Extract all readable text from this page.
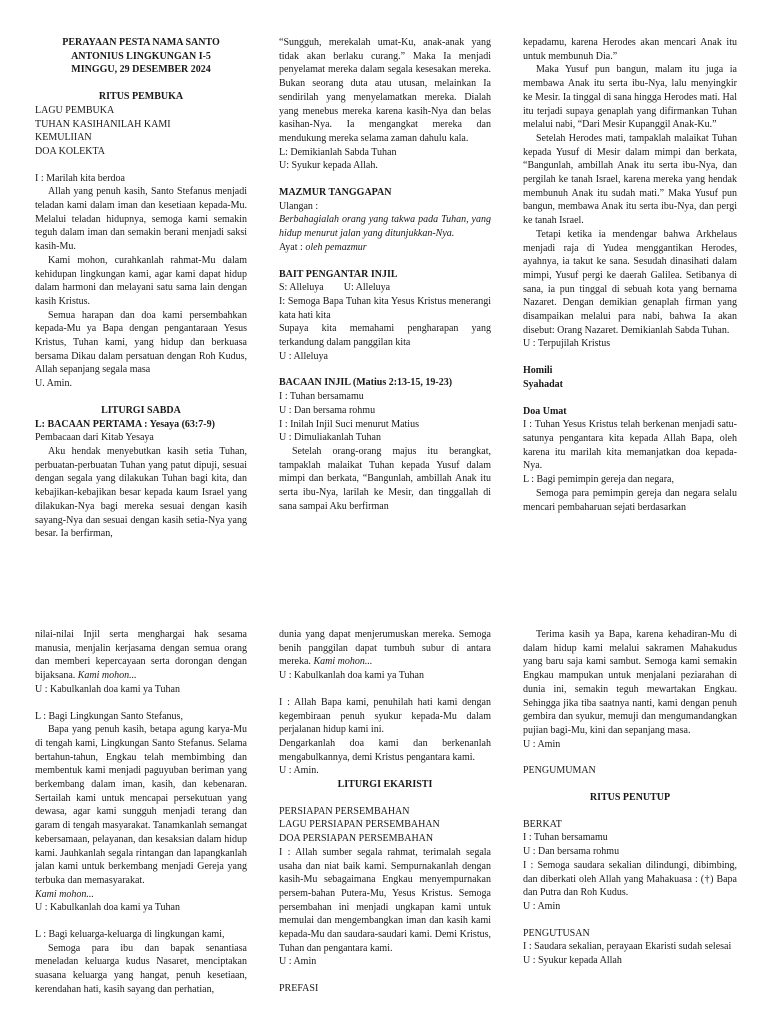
PERAYAAN PESTA NAMA SANTO
ANTONIUS LINGKUNGAN I-5
MINGGU, 29 DESEMBER 2024

RITUS PEMBUKA

LAGU PEMBUKA
TUHAN KASIHANILAH KAMI
KEMULIIAN
DOA KOLEKTA

I : Marilah kita berdoa

Allah yang penuh kasih, Santo Stefanus menjadi teladan kami dalam iman dan kesetiaan kepada-Mu. Melalui teladan hidupnya, semoga kami semakin teguh dalam iman dan semakin berani menjadi saksi kasih-Mu.

Kami mohon, curahkanlah rahmat-Mu dalam kehidupan lingkungan kami, agar kami dapat hidup dalam harmoni dan melayani satu sama lain dengan kasih Kristus.

Semua harapan dan doa kami persembahkan kepada-Mu ya Bapa dengan pengantaraan Yesus Kristus, Tuhan kami, yang hidup dan berkuasa bersama Dikau dalam persatuan dengan Roh Kudus, Allah sepanjang segala masa

U. Amin.

LITURGI SABDA

L: BACAAN PERTAMA : Yesaya (63:7-9)

Pembacaan dari Kitab Yesaya

Aku hendak menyebutkan kasih setia Tuhan, perbuatan-perbuatan Tuhan yang patut dipuji, sesuai dengan segala yang dilakukan Tuhan bagi kita, dan kebajikan-kebajikan besar kepada kaum Israel yang dilakukan-Nya bagi mereka sesuai dengan kasih sayang-Nya dan sesuai dengan kasih setia-Nya yang besar. Ia berfirman,

“Sungguh, merekalah umat-Ku, anak-anak yang tidak akan berlaku curang.” Maka Ia menjadi penyelamat mereka dalam segala kesesakan mereka. Bukan seorang duta atau utusan, melainkan Ia sendirilah yang menyelamatkan mereka. Dialah yang menebus mereka karena kasih-Nya dan belas kasihan-Nya. Ia mengangkat mereka dan mendukung mereka selama zaman dahulu kala.

L: Demikianlah Sabda Tuhan

U: Syukur kepada Allah.

MAZMUR TANGGAPAN

Ulangan :

Berbahagialah orang yang takwa pada Tuhan, yang hidup menurut jalan yang ditunjukkan-Nya.

Ayat : oleh pemazmur

BAIT PENGANTAR INJIL

S: Alleluya        U: Alleluya

I: Semoga Bapa Tuhan kita Yesus Kristus menerangi kata hati kita

Supaya kita memahami pengharapan yang terkandung dalam panggilan kita

U : Alleluya

BACAAN INJIL (Matius 2:13-15, 19-23)

I : Tuhan bersamamu
U : Dan bersama rohmu
I : Inilah Injil Suci menurut Matius
U : Dimuliakanlah Tuhan

Setelah orang-orang majus itu berangkat, tampaklah malaikat Tuhan kepada Yusuf dalam mimpi dan berkata, “Bangunlah, ambillah Anak itu serta ibu-Nya, larilah ke Mesir, dan tinggallah di sana sampai Aku berfirman

kepadamu, karena Herodes akan mencari Anak itu untuk membunuh Dia.”

Maka Yusuf pun bangun, malam itu juga ia membawa Anak itu serta ibu-Nya, lalu menyingkir ke Mesir. Ia tinggal di sana hingga Herodes mati. Hal itu terjadi supaya genaplah yang difirmankan Tuhan melalui nabi, “Dari Mesir Kupanggil Anak-Ku.”

Setelah Herodes mati, tampaklah malaikat Tuhan kepada Yusuf di Mesir dalam mimpi dan berkata, “Bangunlah, ambillah Anak itu serta ibu-Nya, dan pergilah ke tanah Israel, karena mereka yang hendak membunuh Anak itu sudah mati.” Maka Yusuf pun bangun, membawa Anak itu serta ibu-Nya, dan pergi ke tanah Israel.

Tetapi ketika ia mendengar bahwa Arkhelaus menjadi raja di Yudea menggantikan Herodes, ayahnya, ia takut ke sana. Sesudah dinasihati dalam mimpi, Yusuf pergi ke daerah Galilea. Setibanya di sana, ia pun tinggal di sebuah kota yang bernama Nazaret. Dengan demikian genaplah firman yang disampaikan melalui para nabi, bahwa Ia akan disebut: Orang Nazaret. Demikianlah Sabda Tuhan.

U : Terpujilah Kristus

Homili

Syahadat

Doa Umat

I : Tuhan Yesus Kristus telah berkenan menjadi satu-satunya pengantara kita kepada Allah Bapa, oleh karena itu marilah kita memanjatkan doa kepada-Nya.

L : Bagi pemimpin gereja dan negara,

Semoga para pemimpin gereja dan negara selalu mencari pembaharuan sejati berdasarkan

nilai-nilai Injil serta menghargai hak sesama manusia, menjalin kerjasama dengan semua orang dan memberi kepercayaan serta dorongan dengan bijaksana. Kami mohon...

U : Kabulkanlah doa kami ya Tuhan

L : Bagi Lingkungan Santo Stefanus,

Bapa yang penuh kasih, betapa agung karya-Mu di tengah kami, Lingkungan Santo Stefanus. Selama bertahun-tahun, Engkau telah membimbing dan membentuk kami menjadi paguyuban beriman yang berkembang dalam iman, kasih, dan kebenaran. Sertailah kami untuk mencapai persekutuan yang dewasa, agar kami sungguh menjadi terang dan garam di tengah masyarakat. Tanamkanlah semangat kebersamaan, pelayanan, dan kesaksian dalam hidup kami. Jauhkanlah segala rintangan dan lapangkanlah jalan kami untuk berkembang menjadi Gereja yang terbuka dan memasyarakat.

Kami mohon...

U : Kabulkanlah doa kami ya Tuhan

L : Bagi keluarga-keluarga di lingkungan kami,

Semoga para ibu dan bapak senantiasa meneladan keluarga kudus Nasaret, menciptakan suasana keluarga yang hangat, penuh kesetiaan, kerendahan hati, kasih sayang dan perhatian,

dunia yang dapat menjerumuskan mereka. Semoga benih panggilan dapat tumbuh subur di antara mereka. Kami mohon...

U : Kabulkanlah doa kami ya Tuhan

I : Allah Bapa kami, penuhilah hati kami dengan kegembiraan penuh syukur kepada-Mu dalam perjalanan hidup kami ini.

Dengarkanlah doa kami dan berkenanlah mengabulkannya, demi Kristus pengantara kami.

U : Amin.

LITURGI EKARISTI

PERSIAPAN PERSEMBAHAN
LAGU PERSIAPAN PERSEMBAHAN
DOA PERSIAPAN PERSEMBAHAN

I : Allah sumber segala rahmat, terimalah segala usaha dan niat baik kami. Sempurnakanlah dengan kasih-Mu sebagaimana Engkau menyempurnakan persem-bahan Putera-Mu, Yesus Kristus. Semoga persembahan ini menjadi ungkapan kami untuk memulai dan mengembangkan iman dan kasih kami kepada-Mu dan saudara-saudari kami. Demi Kristus, Tuhan dan pengantara kami.

U : Amin

PREFASI

Terima kasih ya Bapa, karena kehadiran-Mu di dalam hidup kami melalui sakramen Mahakudus yang baru saja kami sambut. Semoga kami semakin Engkau mampukan untuk menjalani peziarahan di dunia ini, semakin teguh mewartakan Engkau. Sehingga jika tiba saatnya nanti, kami dengan penuh gembira dan syukur, memuji dan mengumandangkan pujian bagi-Mu, kini dan sepanjang masa.

U : Amin

PENGUMUMAN

RITUS PENUTUP

BERKAT

I : Tuhan bersamamu
U : Dan bersama rohmu

I : Semoga saudara sekalian dilindungi, dibimbing, dan diberkati oleh Allah yang Mahakuasa : (†) Bapa dan Putra dan Roh Kudus.

U : Amin

PENGUTUSAN

I : Saudara sekalian, perayaan Ekaristi sudah selesai

U : Syukur kepada Allah
